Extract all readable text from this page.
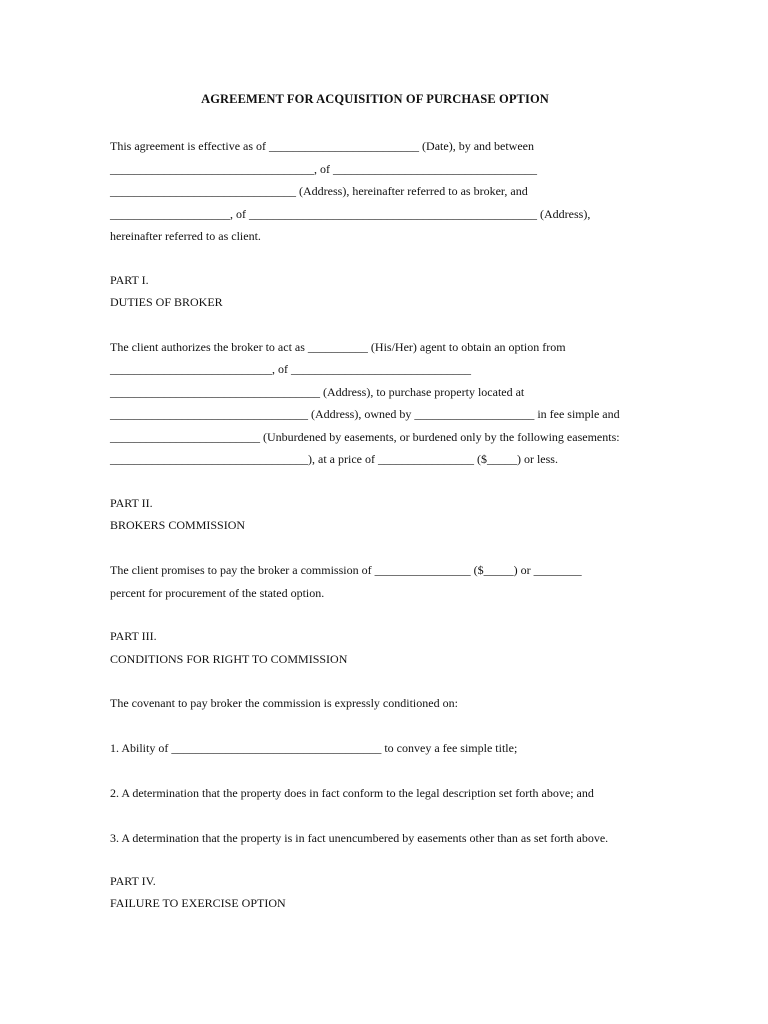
AGREEMENT FOR ACQUISITION OF PURCHASE OPTION
This agreement is effective as of _________________________ (Date), by and between
__________________________________, of __________________________________
_______________________________ (Address), hereinafter referred to as broker, and
____________________, of ________________________________________________ (Address),
hereinafter referred to as client.
PART I.
DUTIES OF BROKER
The client authorizes the broker to act as __________ (His/Her) agent to obtain an option from
___________________________, of ______________________________
___________________________________ (Address), to purchase property located at
_________________________________ (Address), owned by ____________________ in fee simple and
_________________________ (Unburdened by easements, or burdened only by the following easements:
_________________________________), at a price of ________________ ($_____) or less.
PART II.
BROKERS COMMISSION
The client promises to pay the broker a commission of ________________ ($_____) or ________
percent for procurement of the stated option.
PART III.
CONDITIONS FOR RIGHT TO COMMISSION
The covenant to pay broker the commission is expressly conditioned on:
1. Ability of ___________________________________ to convey a fee simple title;
2. A determination that the property does in fact conform to the legal description set forth above; and
3. A determination that the property is in fact unencumbered by easements other than as set forth above.
PART IV.
FAILURE TO EXERCISE OPTION
